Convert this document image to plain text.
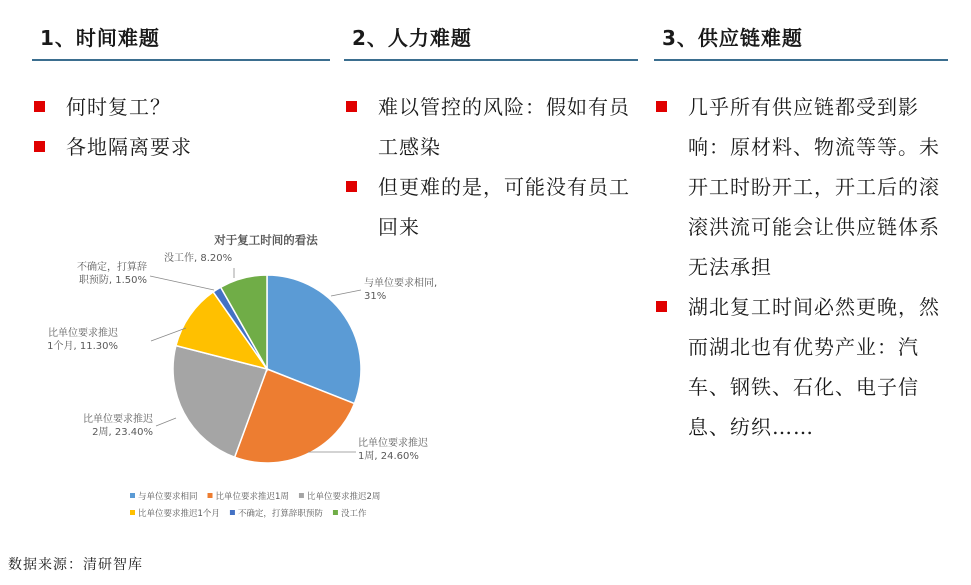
1、时间难题
何时复工？
各地隔离要求
2、人力难题
难以管控的风险：假如有员工感染
但更难的是，可能没有员工回来
3、供应链难题
几乎所有供应链都受到影响：原材料、物流等等。未开工时盼开工，开工后的滚滚洪流可能会让供应链体系无法承担
湖北复工时间必然更晚，然而湖北也有优势产业：汽车、钢铁、石化、电子信息、纺织……
对于复工时间的看法
与单位要求相同, 31%
比单位要求推迟 1周, 24.60%
比单位要求推迟 2周, 23.40%
比单位要求推迟 1个月, 11.30%
不确定，打算辞职预防, 1.50%
没工作, 8.20%
与单位要求相同 比单位要求推迟1周 比单位要求推迟2周
比单位要求推迟1个月 不确定，打算辞职预防 没工作
数据来源：清研智库
